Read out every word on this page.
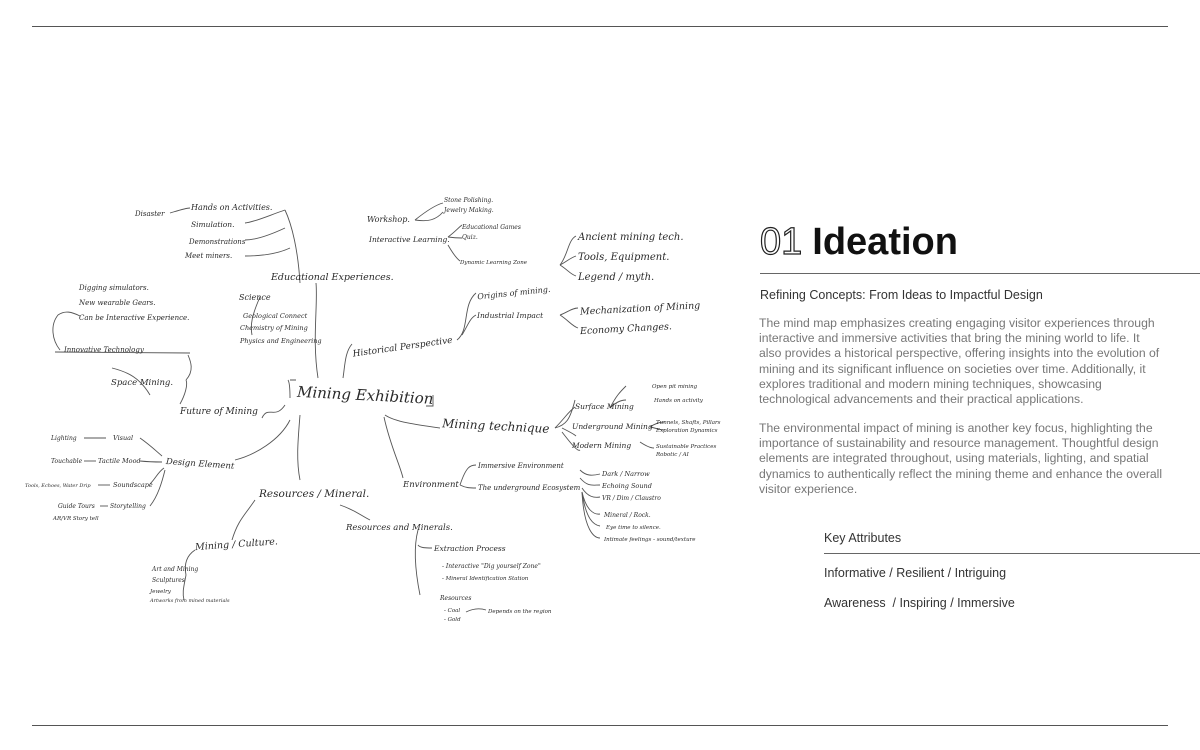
Mining Exhibition
Educational Experiences.
Disaster
Hands on Activities.
Simulation.
Demonstrations
Meet miners.
Science
Geological Connect
Chemistry of Mining
Physics and Engineering
Workshop.
Stone Polishing.
Jewelry Making.
Interactive Learning.
Educational Games
Quiz.
Dynamic Learning Zone
Historical Perspective
Origins of mining.
Ancient mining tech.
Tools, Equipment.
Legend / myth.
Industrial Impact	Mechanization of Mining
Economy Changes.
Mining technique
Surface Mining
Open pit mining
Hands on activity
Underground Mining Tunnels, Shafts, Pillars
Exploration Dynamics
Modern Mining	Sustainable Practices
Robotic / AI
Environment
Immersive Environment
The underground Ecosystem
Dark / Narrow
Echoing Sound
VR / Dim / Claustro
Mineral / Rock.
Eye time to silence.
Intimate feelings - sound/texture
Future of Mining
Digging simulators.
New wearable Gears.
Can be Interactive Experience.
Innovative Technology
Space Mining.
Design Element
Lighting	Visual
Touchable Tactile Mood
Tools, Echoes, Water Drip	Soundscape
Guide Tours	Storytelling
AR/VR Story tell
Resources / Mineral.
Mining / Culture.
Art and Mining
Sculptures
Jewelry
Artworks from mined materials
Resources and Minerals.
Extraction Process
- Interactive "Dig yourself Zone"
- Mineral Identification Station
Resources
- Coal
- Gold
Depends on the region
01 Ideation
Refining Concepts: From Ideas to Impactful Design

The mind map emphasizes creating engaging visitor experiences through interactive and immersive activities that bring the mining world to life. It also provides a historical perspective, offering insights into the evolution of mining and its significant influence on societies over time. Additionally, it explores traditional and modern mining techniques, showcasing technological advancements and their practical applications.

The environmental impact of mining is another key focus, highlighting the importance of sustainability and resource management. Thoughtful design elements are integrated throughout, using materials, lighting, and spatial dynamics to authentically reflect the mining theme and enhance the overall visitor experience.

Key Attributes
Informative / Resilient / Intriguing
Awareness  / Inspiring / Immersive
